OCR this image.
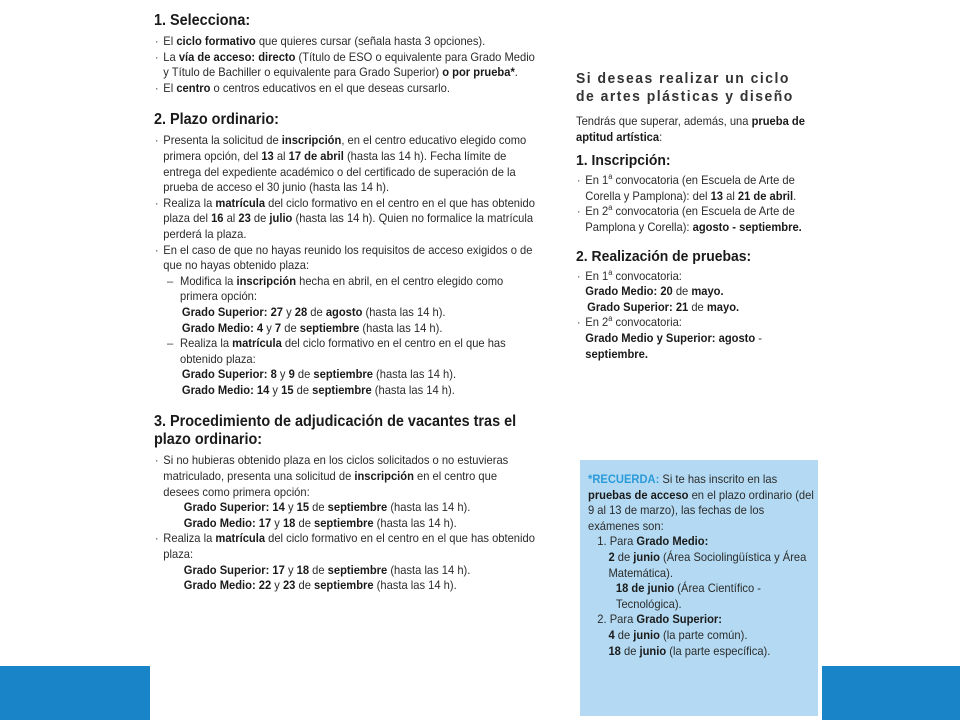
1. Selecciona:

· El ciclo formativo que quieres cursar (señala hasta 3 opciones).

· La vía de acceso: directo (Título de ESO o equivalente para Grado Medio y Título de Bachiller o equivalente para Grado Superior) o por prueba*.

· El centro o centros educativos en el que deseas cursarlo.

2. Plazo ordinario:

· Presenta la solicitud de inscripción, en el centro educativo elegido como primera opción, del 13 al 17 de abril (hasta las 14 h). Fecha límite de entrega del expediente académico o del certificado de superación de la prueba de acceso el 30 junio (hasta las 14 h).

· Realiza la matrícula del ciclo formativo en el centro en el que has obtenido plaza del 16 al 23 de julio (hasta las 14 h). Quien no formalice la matrícula perderá la plaza.

· En el caso de que no hayas reunido los requisitos de acceso exigidos o de que no hayas obtenido plaza:

– Modifica la inscripción hecha en abril, en el centro elegido como primera opción:

Grado Superior: 27 y 28 de agosto (hasta las 14 h).

Grado Medio: 4 y 7 de septiembre (hasta las 14 h).

– Realiza la matrícula del ciclo formativo en el centro en el que has obtenido plaza:

Grado Superior: 8 y 9 de septiembre (hasta las 14 h).

Grado Medio: 14 y 15 de septiembre (hasta las 14 h).

3. Procedimiento de adjudicación de vacantes tras el plazo ordinario:

· Si no hubieras obtenido plaza en los ciclos solicitados o no estuvieras matriculado, presenta una solicitud de inscripción en el centro que desees como primera opción:

Grado Superior: 14 y 15 de septiembre (hasta las 14 h).

Grado Medio: 17 y 18 de septiembre (hasta las 14 h).

· Realiza la matrícula del ciclo formativo en el centro en el que has obtenido plaza:

Grado Superior: 17 y 18 de septiembre (hasta las 14 h).

Grado Medio: 22 y 23 de septiembre (hasta las 14 h).

Si deseas realizar un ciclo de artes plásticas y diseño

Tendrás que superar, además, una prueba de aptitud artística:

1. Inscripción:

· En 1$^a$ convocatoria (en Escuela de Arte de Corella y Pamplona): del 13 al 21 de abril.

· En 2$^a$ convocatoria (en Escuela de Arte de Pamplona y Corella): agosto - septiembre.

2. Realización de pruebas:

· En 1$^a$ convocatoria:

Grado Medio: 20 de mayo.

Grado Superior: 21 de mayo.

· En 2$^a$ convocatoria:

Grado Medio y Superior: agosto - septiembre.

*RECUERDA: Si te has inscrito en las pruebas de acceso en el plazo ordinario (del 9 al 13 de marzo), las fechas de los exámenes son:

1. Para Grado Medio:

2 de junio (Área Sociolingüística y Área Matemática).

18 de junio (Área Científico - Tecnológica).

2. Para Grado Superior:

4 de junio (la parte común).

18 de junio (la parte específica).
